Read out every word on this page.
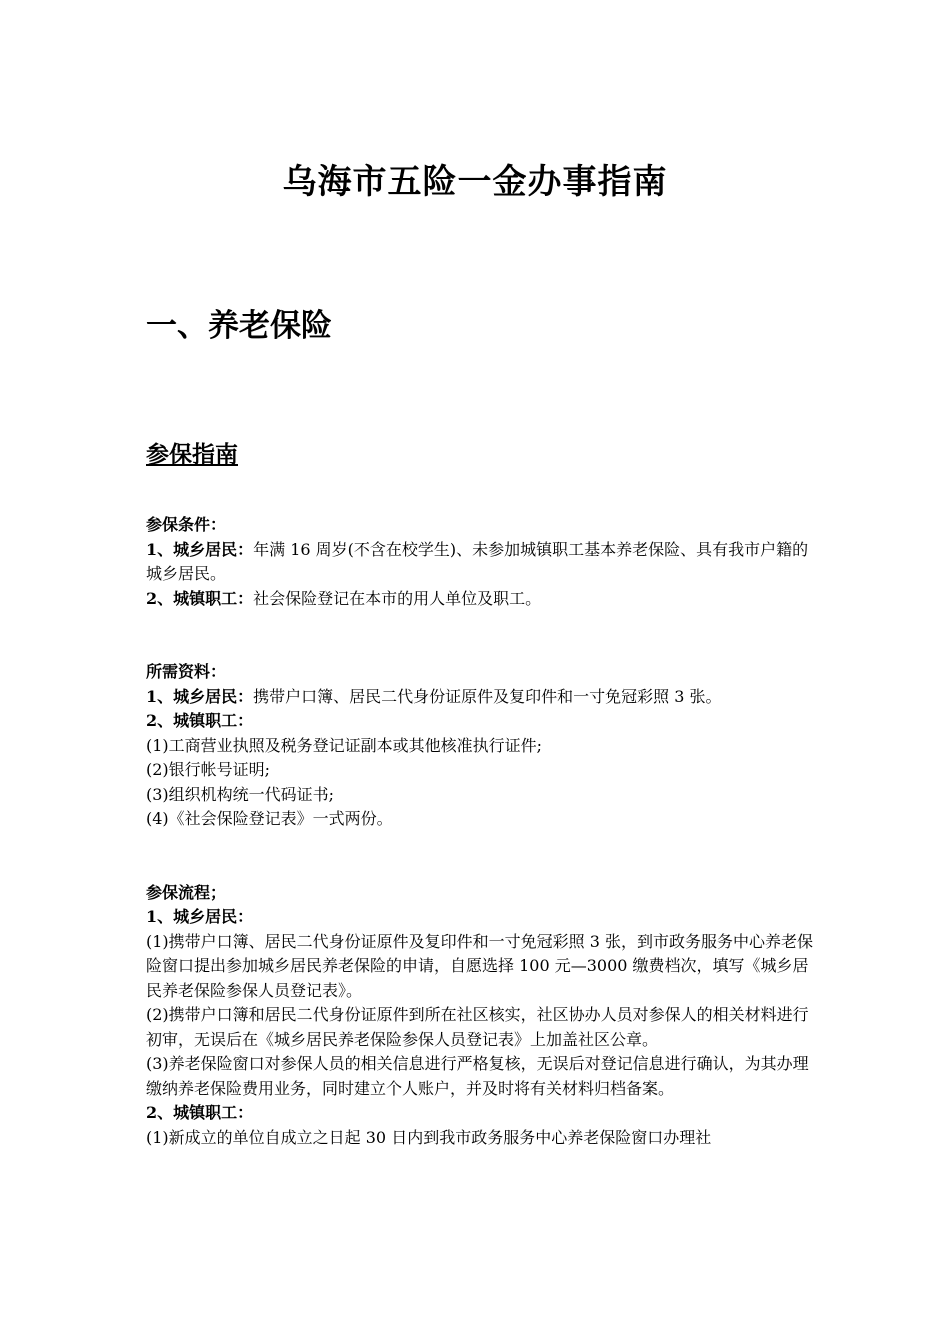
乌海市五险一金办事指南
一、养老保险
参保指南

参保条件：

1、城乡居民：年满 16 周岁(不含在校学生)、未参加城镇职工基本养老保险、具有我市户籍的城乡居民。

2、城镇职工：社会保险登记在本市的用人单位及职工。

所需资料：

1、城乡居民：携带户口簿、居民二代身份证原件及复印件和一寸免冠彩照 3 张。

2、城镇职工：

(1)工商营业执照及税务登记证副本或其他核准执行证件;

(2)银行帐号证明;

(3)组织机构统一代码证书;

(4)《社会保险登记表》一式两份。

参保流程；

1、城乡居民：

(1)携带户口簿、居民二代身份证原件及复印件和一寸免冠彩照 3 张，到市政务服务中心养老保险窗口提出参加城乡居民养老保险的申请，自愿选择 100 元—3000 缴费档次，填写《城乡居民养老保险参保人员登记表》。

(2)携带户口簿和居民二代身份证原件到所在社区核实，社区协办人员对参保人的相关材料进行初审，无误后在《城乡居民养老保险参保人员登记表》上加盖社区公章。

(3)养老保险窗口对参保人员的相关信息进行严格复核，无误后对登记信息进行确认，为其办理缴纳养老保险费用业务，同时建立个人账户，并及时将有关材料归档备案。

2、城镇职工：

(1)新成立的单位自成立之日起 30 日内到我市政务服务中心养老保险窗口办理社
